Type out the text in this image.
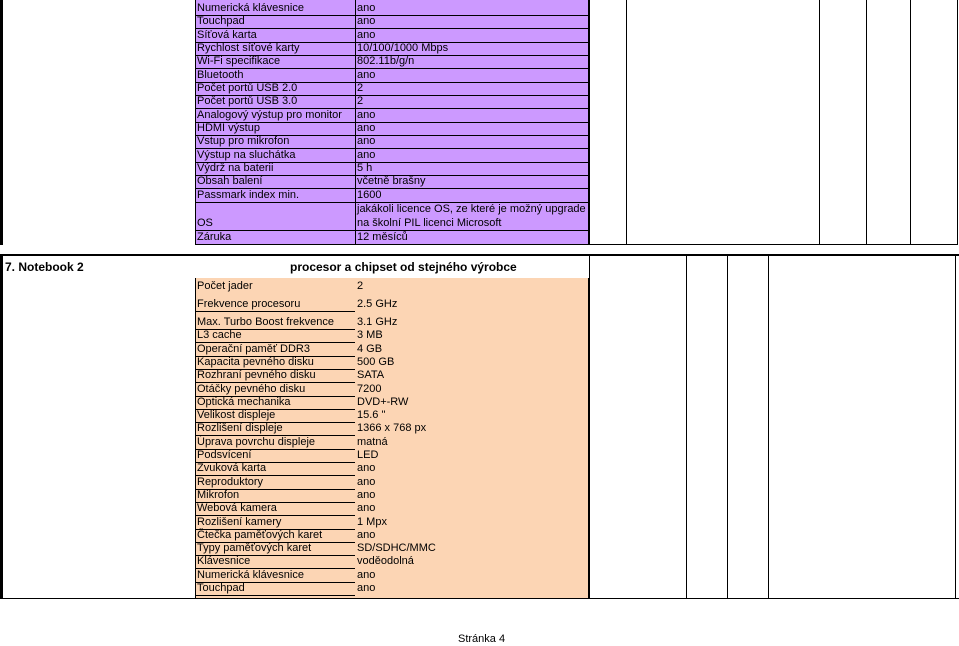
Numerická klávesnice	ano
Touchpad	ano
Síťová karta	ano
Rychlost síťové karty	10/100/1000 Mbps
Wi-Fi specifikace	802.11b/g/n
Bluetooth	ano
Počet portů USB 2.0	2
Počet portů USB 3.0	2
Analogový výstup pro monitor ano
HDMI výstup	ano
Vstup pro mikrofon	ano
Výstup na sluchátka	ano
Výdrž na baterii	5 h
Obsah balení	včetně brašny
Passmark index min.	1600
jakákoli licence OS, ze které je možný upgrade
OS	na školní PIL licenci Microsoft
Záruka	12 měsíců
7. Notebook 2	procesor a chipset od stejného výrobce
Počet jader	2
Frekvence procesoru	2.5 GHz
Max. Turbo Boost frekvence 3.1 GHz
L3 cache	3 MB
Operační paměť DDR3	4 GB
Kapacita pevného disku	500 GB
Rozhraní pevného disku	SATA
Otáčky pevného disku	7200
Optická mechanika	DVD+-RW
Velikost displeje	15.6 "
Rozlišení displeje	1366 x 768 px
Úprava povrchu displeje	matná
Podsvícení	LED
Zvuková karta	ano
Reproduktory	ano
Mikrofon	ano
Webová kamera	ano
Rozlišení kamery	1 Mpx
Čtečka paměťových karet	ano
Typy paměťových karet	SD/SDHC/MMC
Klávesnice	voděodolná
Numerická klávesnice	ano
Touchpad	ano
Stránka 4
